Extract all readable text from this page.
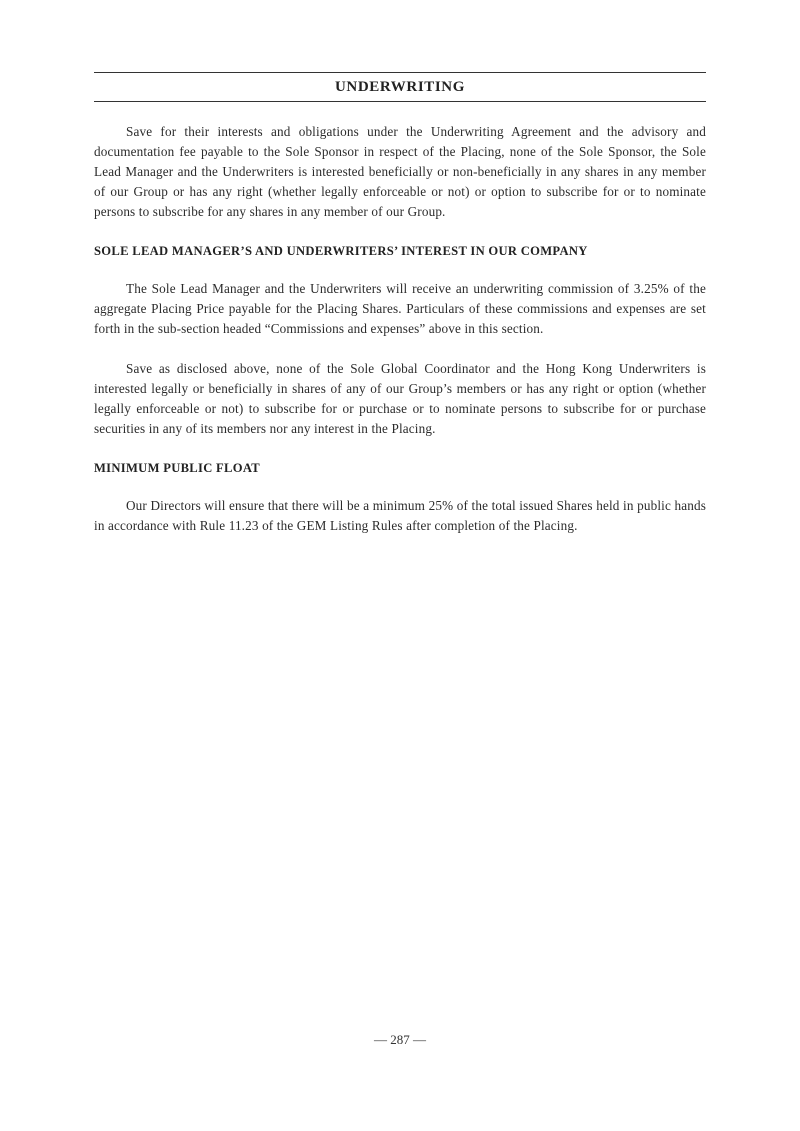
UNDERWRITING

Save for their interests and obligations under the Underwriting Agreement and the advisory and documentation fee payable to the Sole Sponsor in respect of the Placing, none of the Sole Sponsor, the Sole Lead Manager and the Underwriters is interested beneficially or non-beneficially in any shares in any member of our Group or has any right (whether legally enforceable or not) or option to subscribe for or to nominate persons to subscribe for any shares in any member of our Group.

SOLE LEAD MANAGER’S AND UNDERWRITERS’ INTEREST IN OUR COMPANY

The Sole Lead Manager and the Underwriters will receive an underwriting commission of 3.25% of the aggregate Placing Price payable for the Placing Shares. Particulars of these commissions and expenses are set forth in the sub-section headed “Commissions and expenses” above in this section.

Save as disclosed above, none of the Sole Global Coordinator and the Hong Kong Underwriters is interested legally or beneficially in shares of any of our Group’s members or has any right or option (whether legally enforceable or not) to subscribe for or purchase or to nominate persons to subscribe for or purchase securities in any of its members nor any interest in the Placing.

MINIMUM PUBLIC FLOAT

Our Directors will ensure that there will be a minimum 25% of the total issued Shares held in public hands in accordance with Rule 11.23 of the GEM Listing Rules after completion of the Placing.

— 287 —
